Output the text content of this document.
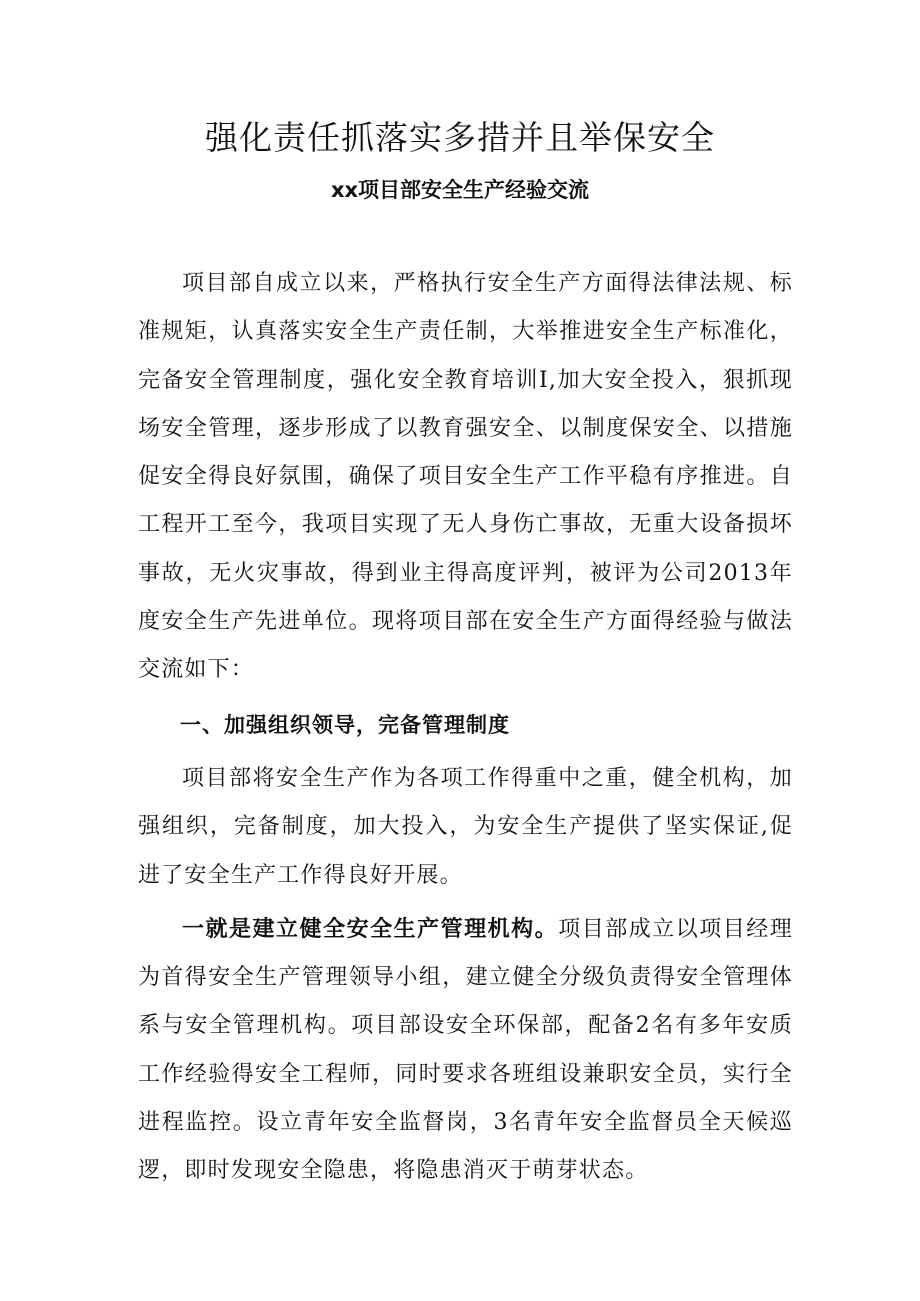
强化责任抓落实多措并且举保安全
xx项目部安全生产经验交流

项目部自成立以来，严格执行安全生产方面得法律法规、标准规矩，认真落实安全生产责任制，大举推进安全生产标准化，完备安全管理制度，强化安全教育培训I,加大安全投入，狠抓现场安全管理，逐步形成了以教育强安全、以制度保安全、以措施促安全得良好氛围，确保了项目安全生产工作平稳有序推进。自工程开工至今，我项目实现了无人身伤亡事故，无重大设备损坏事故，无火灾事故，得到业主得高度评判，被评为公司2013年度安全生产先进单位。现将项目部在安全生产方面得经验与做法交流如下：

一、加强组织领导，完备管理制度

项目部将安全生产作为各项工作得重中之重，健全机构，加强组织，完备制度，加大投入，为安全生产提供了坚实保证,促进了安全生产工作得良好开展。

一就是建立健全安全生产管理机构。项目部成立以项目经理为首得安全生产管理领导小组，建立健全分级负责得安全管理体系与安全管理机构。项目部设安全环保部，配备2名有多年安质工作经验得安全工程师，同时要求各班组设兼职安全员，实行全进程监控。设立青年安全监督岗，3名青年安全监督员全天候巡逻，即时发现安全隐患，将隐患消灭于萌芽状态。
